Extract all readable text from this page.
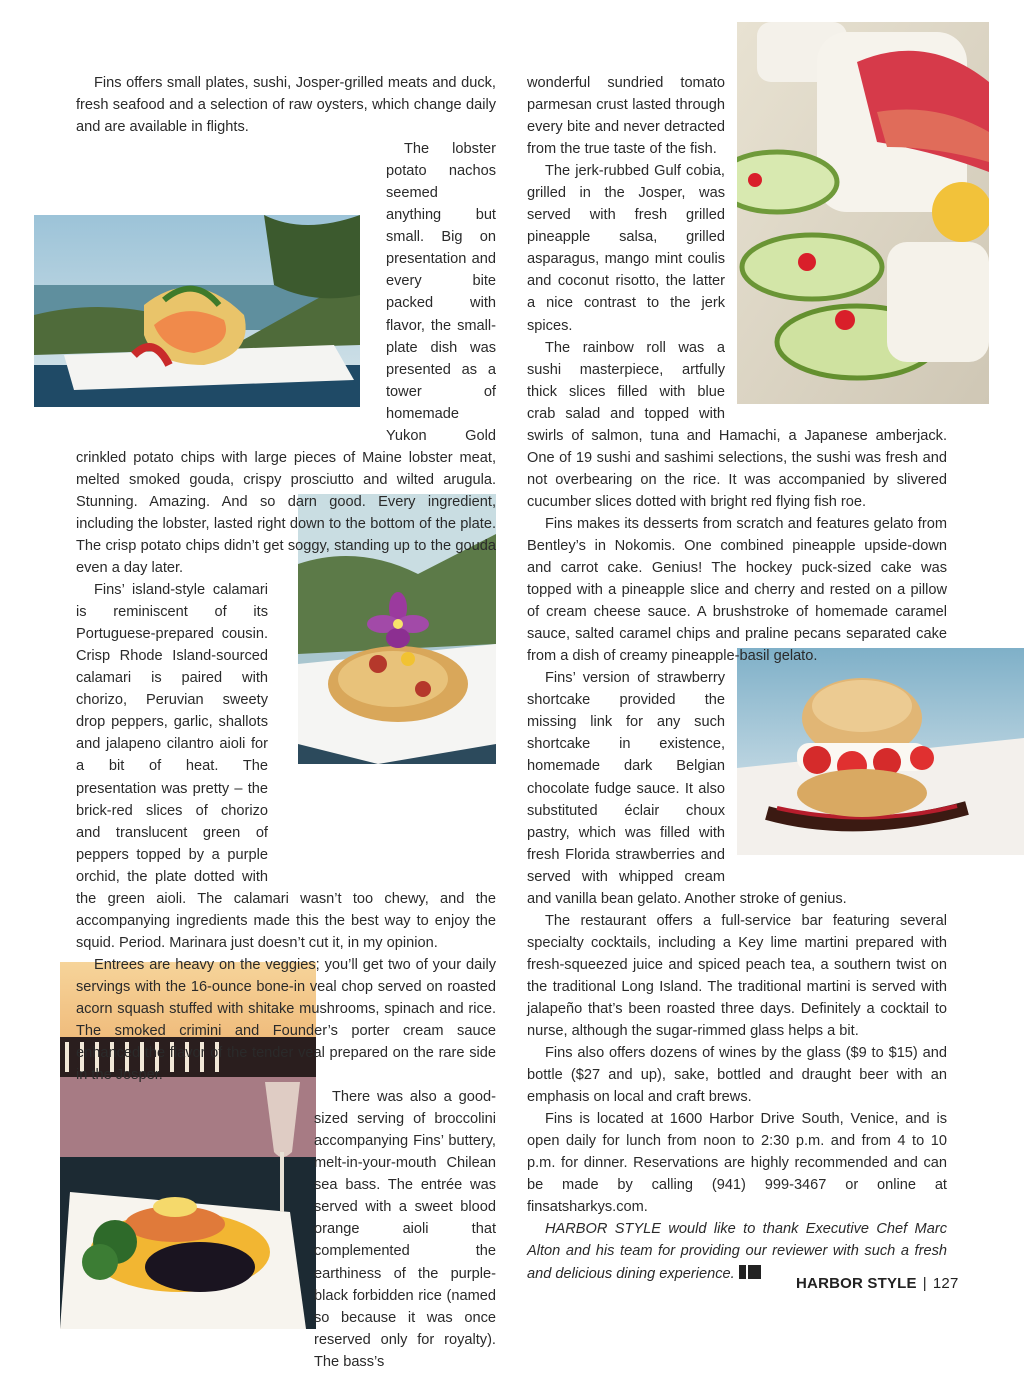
Fins offers small plates, sushi, Josper-grilled meats and duck, fresh seafood and a selection of raw oysters, which change daily and are available in flights.

The lobster potato nachos seemed anything but small. Big on presentation and every bite packed with flavor, the small-plate dish was presented as a tower of homemade Yukon Gold crinkled potato chips with large pieces of Maine lobster meat, melted smoked gouda, crispy prosciutto and wilted arugula. Stunning. Amazing. And so darn good. Every ingredient, including the lobster, lasted right down to the bottom of the plate. The crisp potato chips didn’t get soggy, standing up to the gouda even a day later.

Fins’ island-style calamari is reminiscent of its Portuguese-prepared cousin. Crisp Rhode Island-sourced calamari is paired with chorizo, Peruvian sweety drop peppers, garlic, shallots and jalapeno cilantro aioli for a bit of heat. The presentation was pretty – the brick-red slices of chorizo and translucent green of peppers topped by a purple orchid, the plate dotted with the green aioli. The calamari wasn’t too chewy, and the accompanying ingredients made this the best way to enjoy the squid. Period. Marinara just doesn’t cut it, in my opinion.

Entrees are heavy on the veggies; you’ll get two of your daily servings with the 16-ounce bone-in veal chop served on roasted acorn squash stuffed with shitake mushrooms, spinach and rice. The smoked crimini and Founder’s porter cream sauce enhanced the flavor of the tender veal prepared on the rare side in the Josper.

There was also a good-sized serving of broccolini accompanying Fins’ buttery, melt-in-your-mouth Chilean sea bass. The entrée was served with a sweet blood orange aioli that complemented the earthiness of the purple-black forbidden rice (named so because it was once reserved only for royalty). The bass’s

wonderful sundried tomato parmesan crust lasted through every bite and never detracted from the true taste of the fish.

The jerk-rubbed Gulf cobia, grilled in the Josper, was served with fresh grilled pineapple salsa, grilled asparagus, mango mint coulis and coconut risotto, the latter a nice contrast to the jerk spices.

The rainbow roll was a sushi masterpiece, artfully thick slices filled with blue crab salad and topped with swirls of salmon, tuna and Hamachi, a Japanese amberjack. One of 19 sushi and sashimi selections, the sushi was fresh and not overbearing on the rice. It was accompanied by slivered cucumber slices dotted with bright red flying fish roe.

Fins makes its desserts from scratch and features gelato from Bentley’s in Nokomis. One combined pineapple upside-down and carrot cake. Genius! The hockey puck-sized cake was topped with a pineapple slice and cherry and rested on a pillow of cream cheese sauce. A brushstroke of homemade caramel sauce, salted caramel chips and praline pecans separated cake from a dish of creamy pineapple-basil gelato.

Fins’ version of strawberry shortcake provided the missing link for any such shortcake in existence, homemade dark Belgian chocolate fudge sauce. It also substituted éclair choux pastry, which was filled with fresh Florida strawberries and served with whipped cream and vanilla bean gelato. Another stroke of genius.

The restaurant offers a full-service bar featuring several specialty cocktails, including a Key lime martini prepared with fresh-squeezed juice and spiced peach tea, a southern twist on the traditional Long Island. The traditional martini is served with jalapeño that’s been roasted three days. Definitely a cocktail to nurse, although the sugar-rimmed glass helps a bit.

Fins also offers dozens of wines by the glass ($9 to $15) and bottle ($27 and up), sake, bottled and draught beer with an emphasis on local and craft brews.

Fins is located at 1600 Harbor Drive South, Venice, and is open daily for lunch from noon to 2:30 p.m. and from 4 to 10 p.m. for dinner. Reservations are highly recommended and can be made by calling (941) 999-3467 or online at finsatsharkys.com.

HARBOR STYLE would like to thank Executive Chef Marc Alton and his team for providing our reviewer with such a fresh and delicious dining experience.

HARBOR STYLE | 127
